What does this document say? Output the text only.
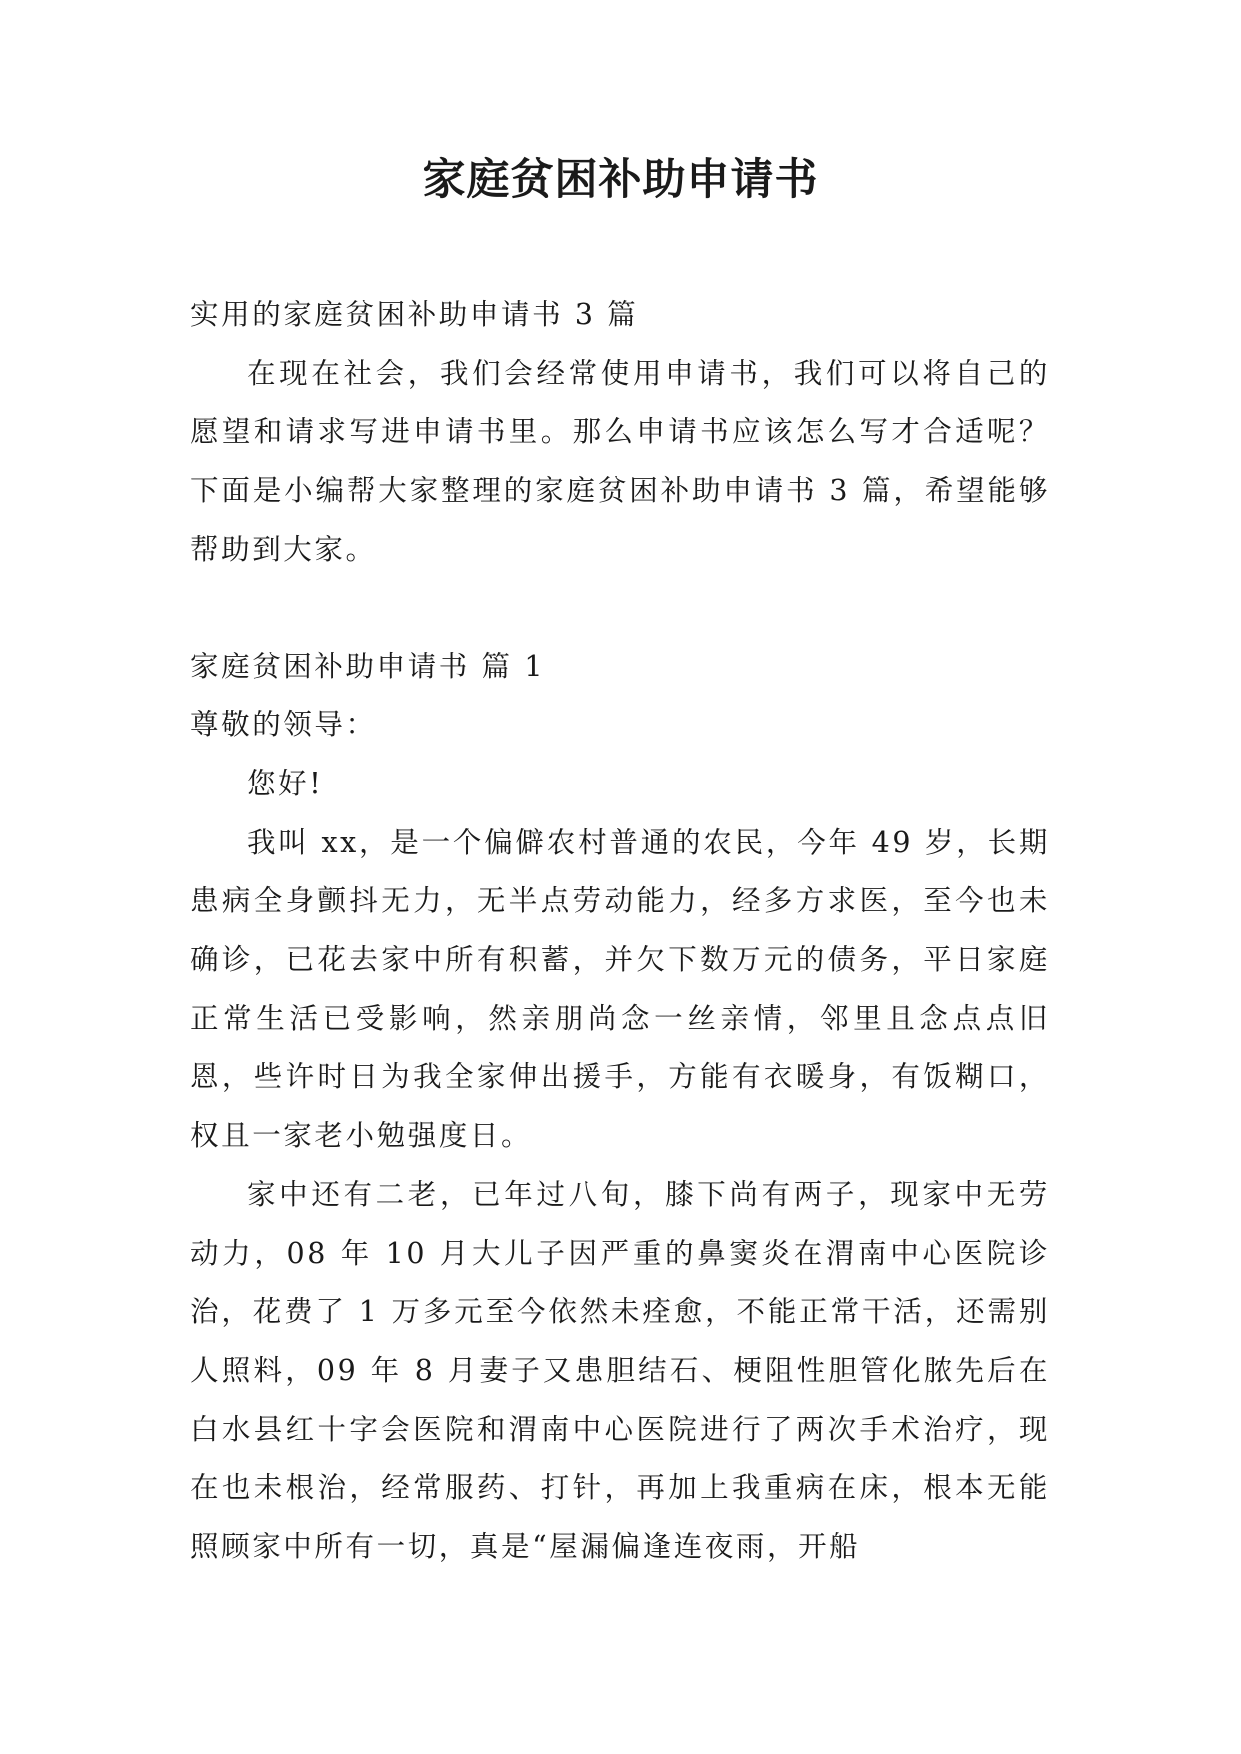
家庭贫困补助申请书

实用的家庭贫困补助申请书 3 篇

在现在社会，我们会经常使用申请书，我们可以将自己的愿望和请求写进申请书里。那么申请书应该怎么写才合适呢？下面是小编帮大家整理的家庭贫困补助申请书 3 篇，希望能够帮助到大家。

家庭贫困补助申请书 篇 1

尊敬的领导：

您好!

我叫 xx，是一个偏僻农村普通的农民，今年 49 岁，长期患病全身颤抖无力，无半点劳动能力，经多方求医，至今也未确诊，已花去家中所有积蓄，并欠下数万元的债务，平日家庭正常生活已受影响，然亲朋尚念一丝亲情，邻里且念点点旧恩，些许时日为我全家伸出援手，方能有衣暖身，有饭糊口，权且一家老小勉强度日。

家中还有二老，已年过八旬，膝下尚有两子，现家中无劳动力，08 年 10 月大儿子因严重的鼻窦炎在渭南中心医院诊治，花费了 1 万多元至今依然未痊愈，不能正常干活，还需别人照料，09 年 8 月妻子又患胆结石、梗阻性胆管化脓先后在白水县红十字会医院和渭南中心医院进行了两次手术治疗，现在也未根治，经常服药、打针，再加上我重病在床，根本无能照顾家中所有一切，真是“屋漏偏逢连夜雨，开船
